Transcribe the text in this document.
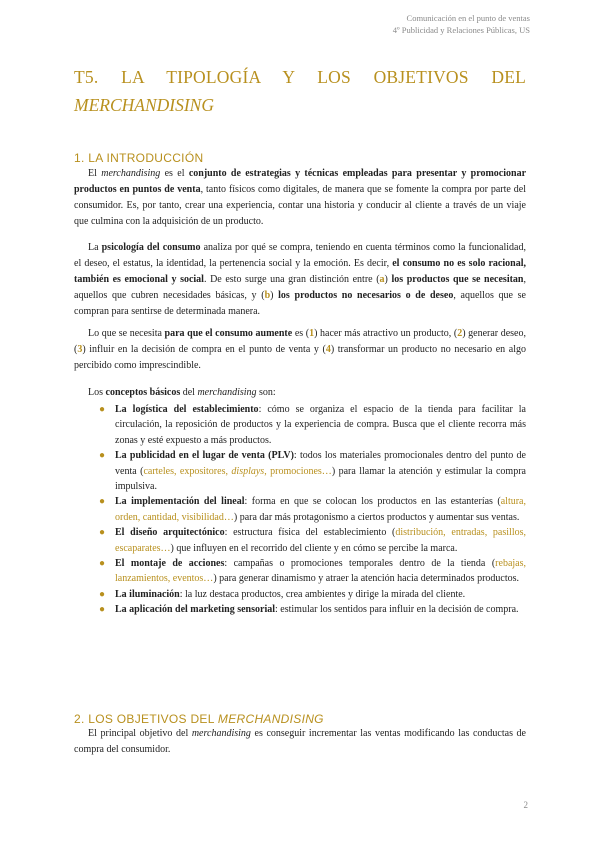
Comunicación en el punto de ventas
4º Publicidad y Relaciones Públicas, US
T5. LA TIPOLOGÍA Y LOS OBJETIVOS DEL
MERCHANDISING
1. LA INTRODUCCIÓN

El merchandising es el conjunto de estrategias y técnicas empleadas para presentar y promocionar productos en puntos de venta, tanto físicos como digitales, de manera que se fomente la compra por parte del consumidor. Es, por tanto, crear una experiencia, contar una historia y conducir al cliente a través de un viaje que culmina con la adquisición de un producto.

La psicología del consumo analiza por qué se compra, teniendo en cuenta términos como la funcionalidad, el deseo, el estatus, la identidad, la pertenencia social y la emoción. Es decir, el consumo no es solo racional, también es emocional y social. De esto surge una gran distinción entre (a) los productos que se necesitan, aquellos que cubren necesidades básicas, y (b) los productos no necesarios o de deseo, aquellos que se compran para sentirse de determinada manera.

Lo que se necesita para que el consumo aumente es (1) hacer más atractivo un producto, (2) generar deseo, (3) influir en la decisión de compra en el punto de venta y (4) transformar un producto no necesario en algo percibido como imprescindible.

Los conceptos básicos del merchandising son:

● La logística del establecimiento: cómo se organiza el espacio de la tienda para facilitar la circulación, la reposición de productos y la experiencia de compra. Busca que el cliente recorra más zonas y esté expuesto a más productos.
● La publicidad en el lugar de venta (PLV): todos los materiales promocionales dentro del punto de venta (carteles, expositores, displays, promociones…) para llamar la atención y estimular la compra impulsiva.
● La implementación del lineal: forma en que se colocan los productos en las estanterías (altura, orden, cantidad, visibilidad…) para dar más protagonismo a ciertos productos y aumentar sus ventas.
● El diseño arquitectónico: estructura física del establecimiento (distribución, entradas, pasillos, escaparates…) que influyen en el recorrido del cliente y en cómo se percibe la marca.
● El montaje de acciones: campañas o promociones temporales dentro de la tienda (rebajas, lanzamientos, eventos…) para generar dinamismo y atraer la atención hacia determinados productos.
● La iluminación: la luz destaca productos, crea ambientes y dirige la mirada del cliente.
● La aplicación del marketing sensorial: estimular los sentidos para influir en la decisión de compra.
2. LOS OBJETIVOS DEL MERCHANDISING

El principal objetivo del merchandising es conseguir incrementar las ventas modificando las conductas de compra del consumidor.

2
